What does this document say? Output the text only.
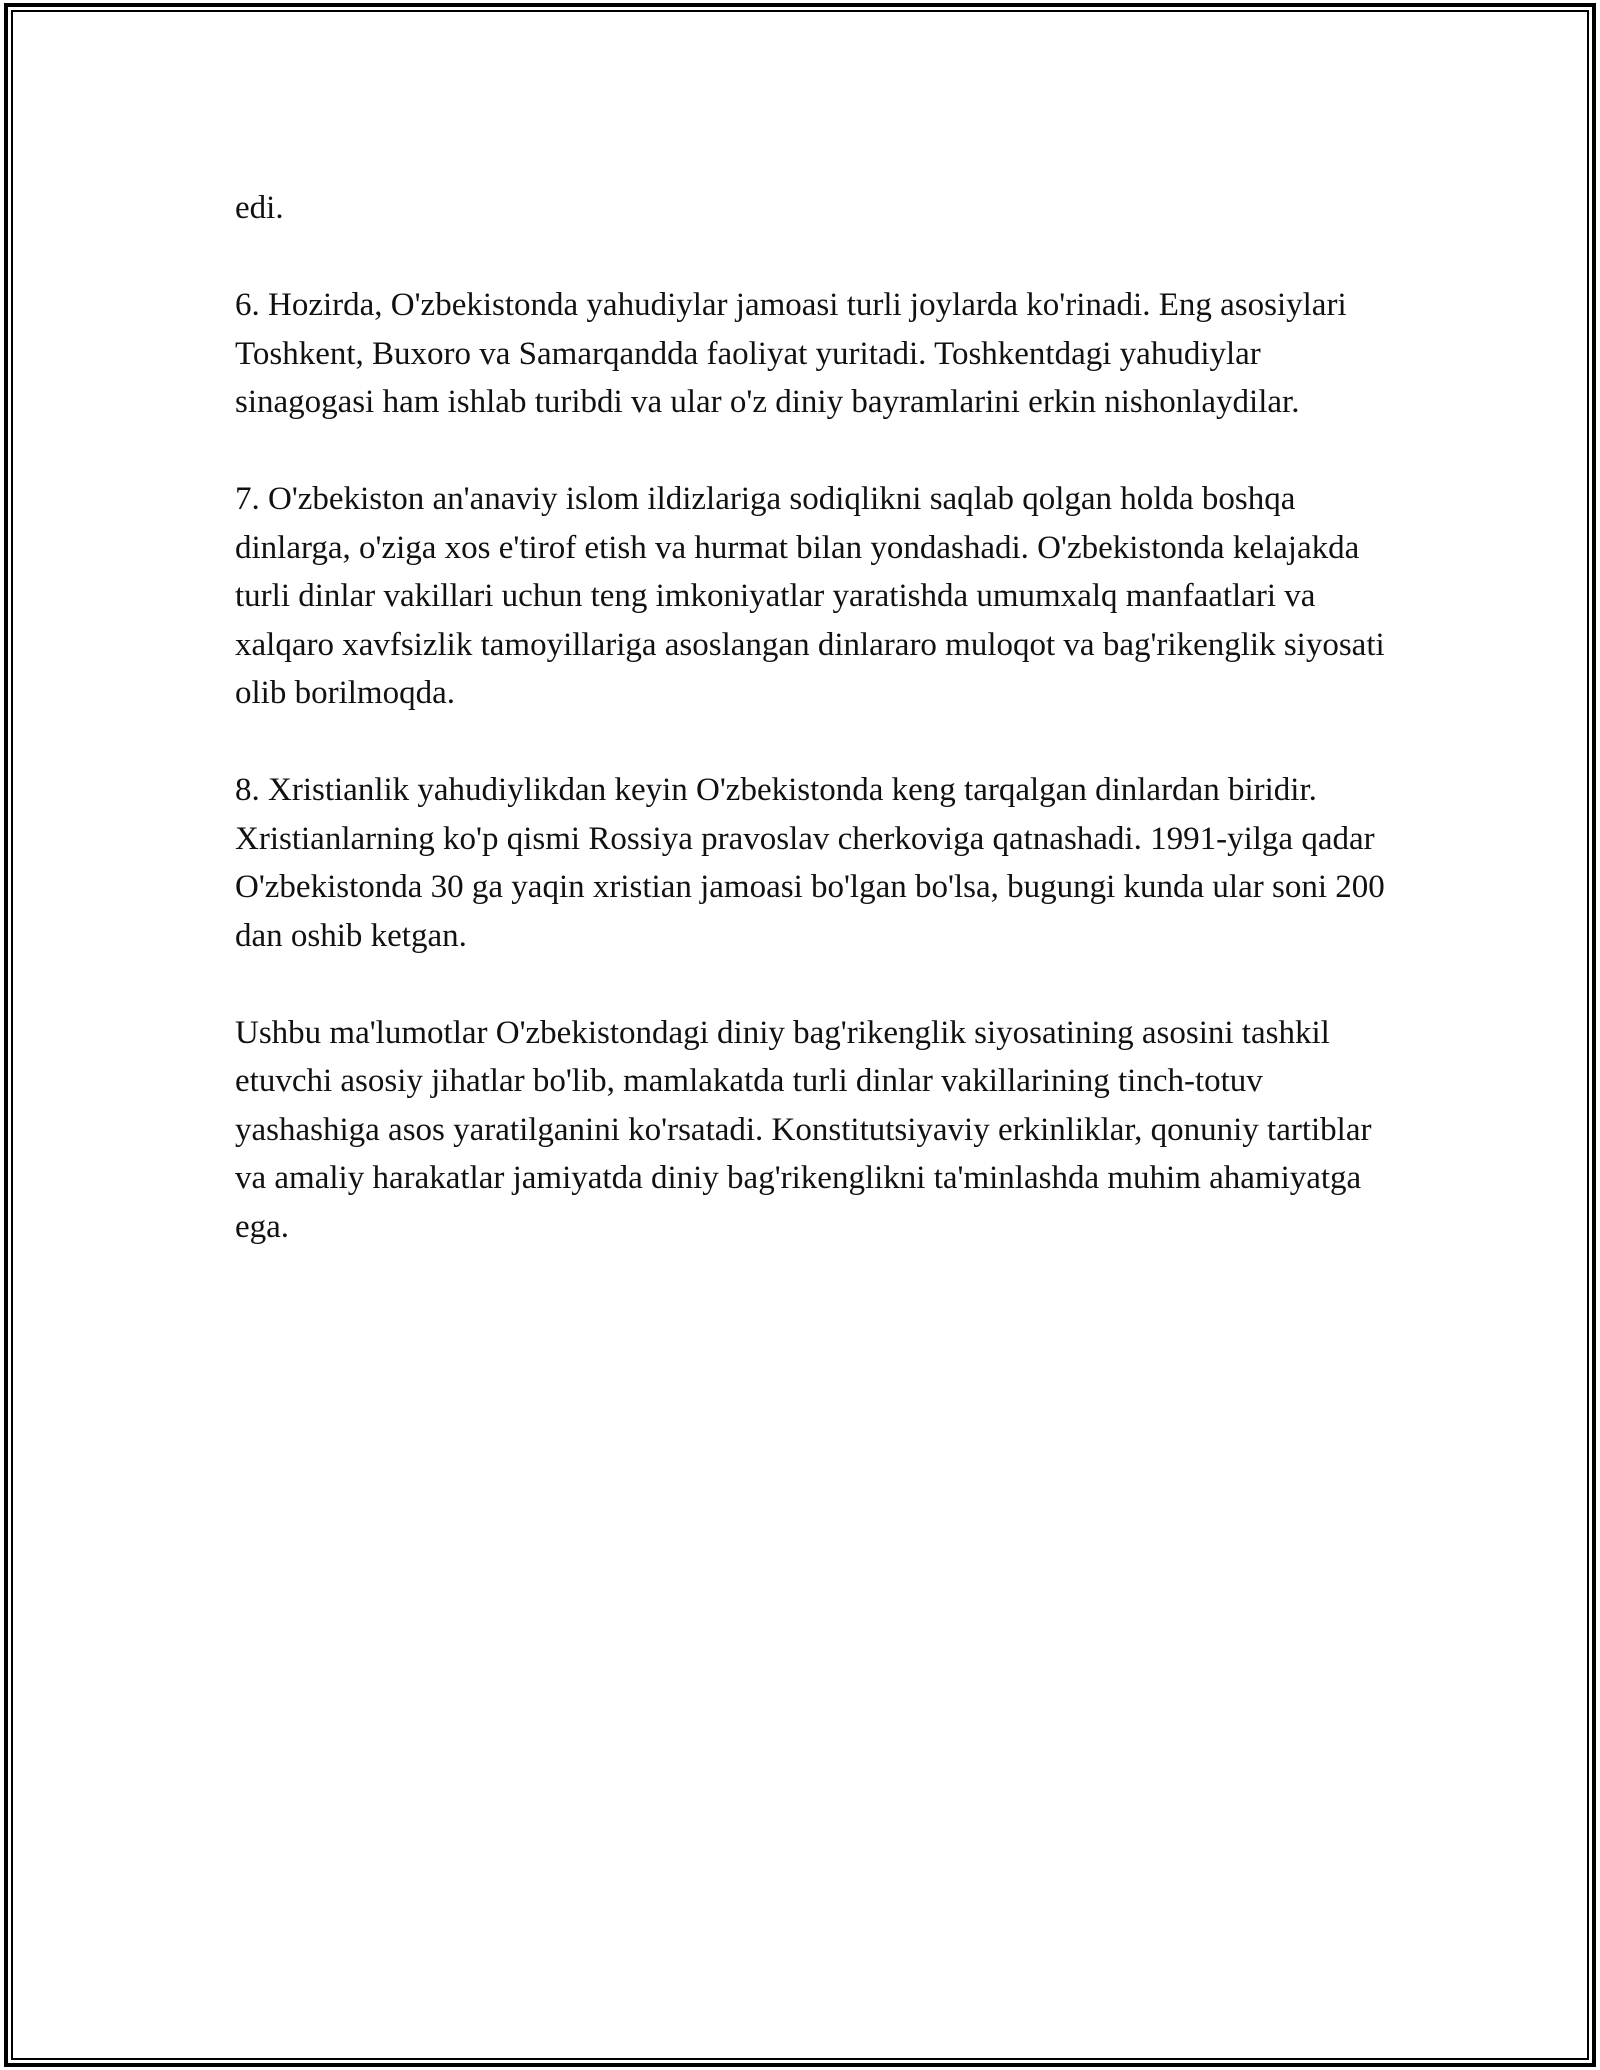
edi.

6. Hozirda, O'zbekistonda yahudiylar jamoasi turli joylarda ko'rinadi. Eng asosiylari Toshkent, Buxoro va Samarqandda faoliyat yuritadi. Toshkentdagi yahudiylar sinagogasi ham ishlab turibdi va ular o'z diniy bayramlarini erkin nishonlaydilar.

7. O'zbekiston an'anaviy islom ildizlariga sodiqlikni saqlab qolgan holda boshqa dinlarga, o'ziga xos e'tirof etish va hurmat bilan yondashadi. O'zbekistonda kelajakda turli dinlar vakillari uchun teng imkoniyatlar yaratishda umumxalq manfaatlari va xalqaro xavfsizlik tamoyillariga asoslangan dinlararo muloqot va bag'rikenglik siyosati olib borilmoqda.

8. Xristianlik yahudiylikdan keyin O'zbekistonda keng tarqalgan dinlardan biridir. Xristianlarning ko'p qismi Rossiya pravoslav cherkoviga qatnashadi. 1991-yilga qadar O'zbekistonda 30 ga yaqin xristian jamoasi bo'lgan bo'lsa, bugungi kunda ular soni 200 dan oshib ketgan.

Ushbu ma'lumotlar O'zbekistondagi diniy bag'rikenglik siyosatining asosini tashkil etuvchi asosiy jihatlar bo'lib, mamlakatda turli dinlar vakillarining tinch-totuv yashashiga asos yaratilganini ko'rsatadi. Konstitutsiyaviy erkinliklar, qonuniy tartiblar va amaliy harakatlar jamiyatda diniy bag'rikenglikni ta'minlashda muhim ahamiyatga ega.
